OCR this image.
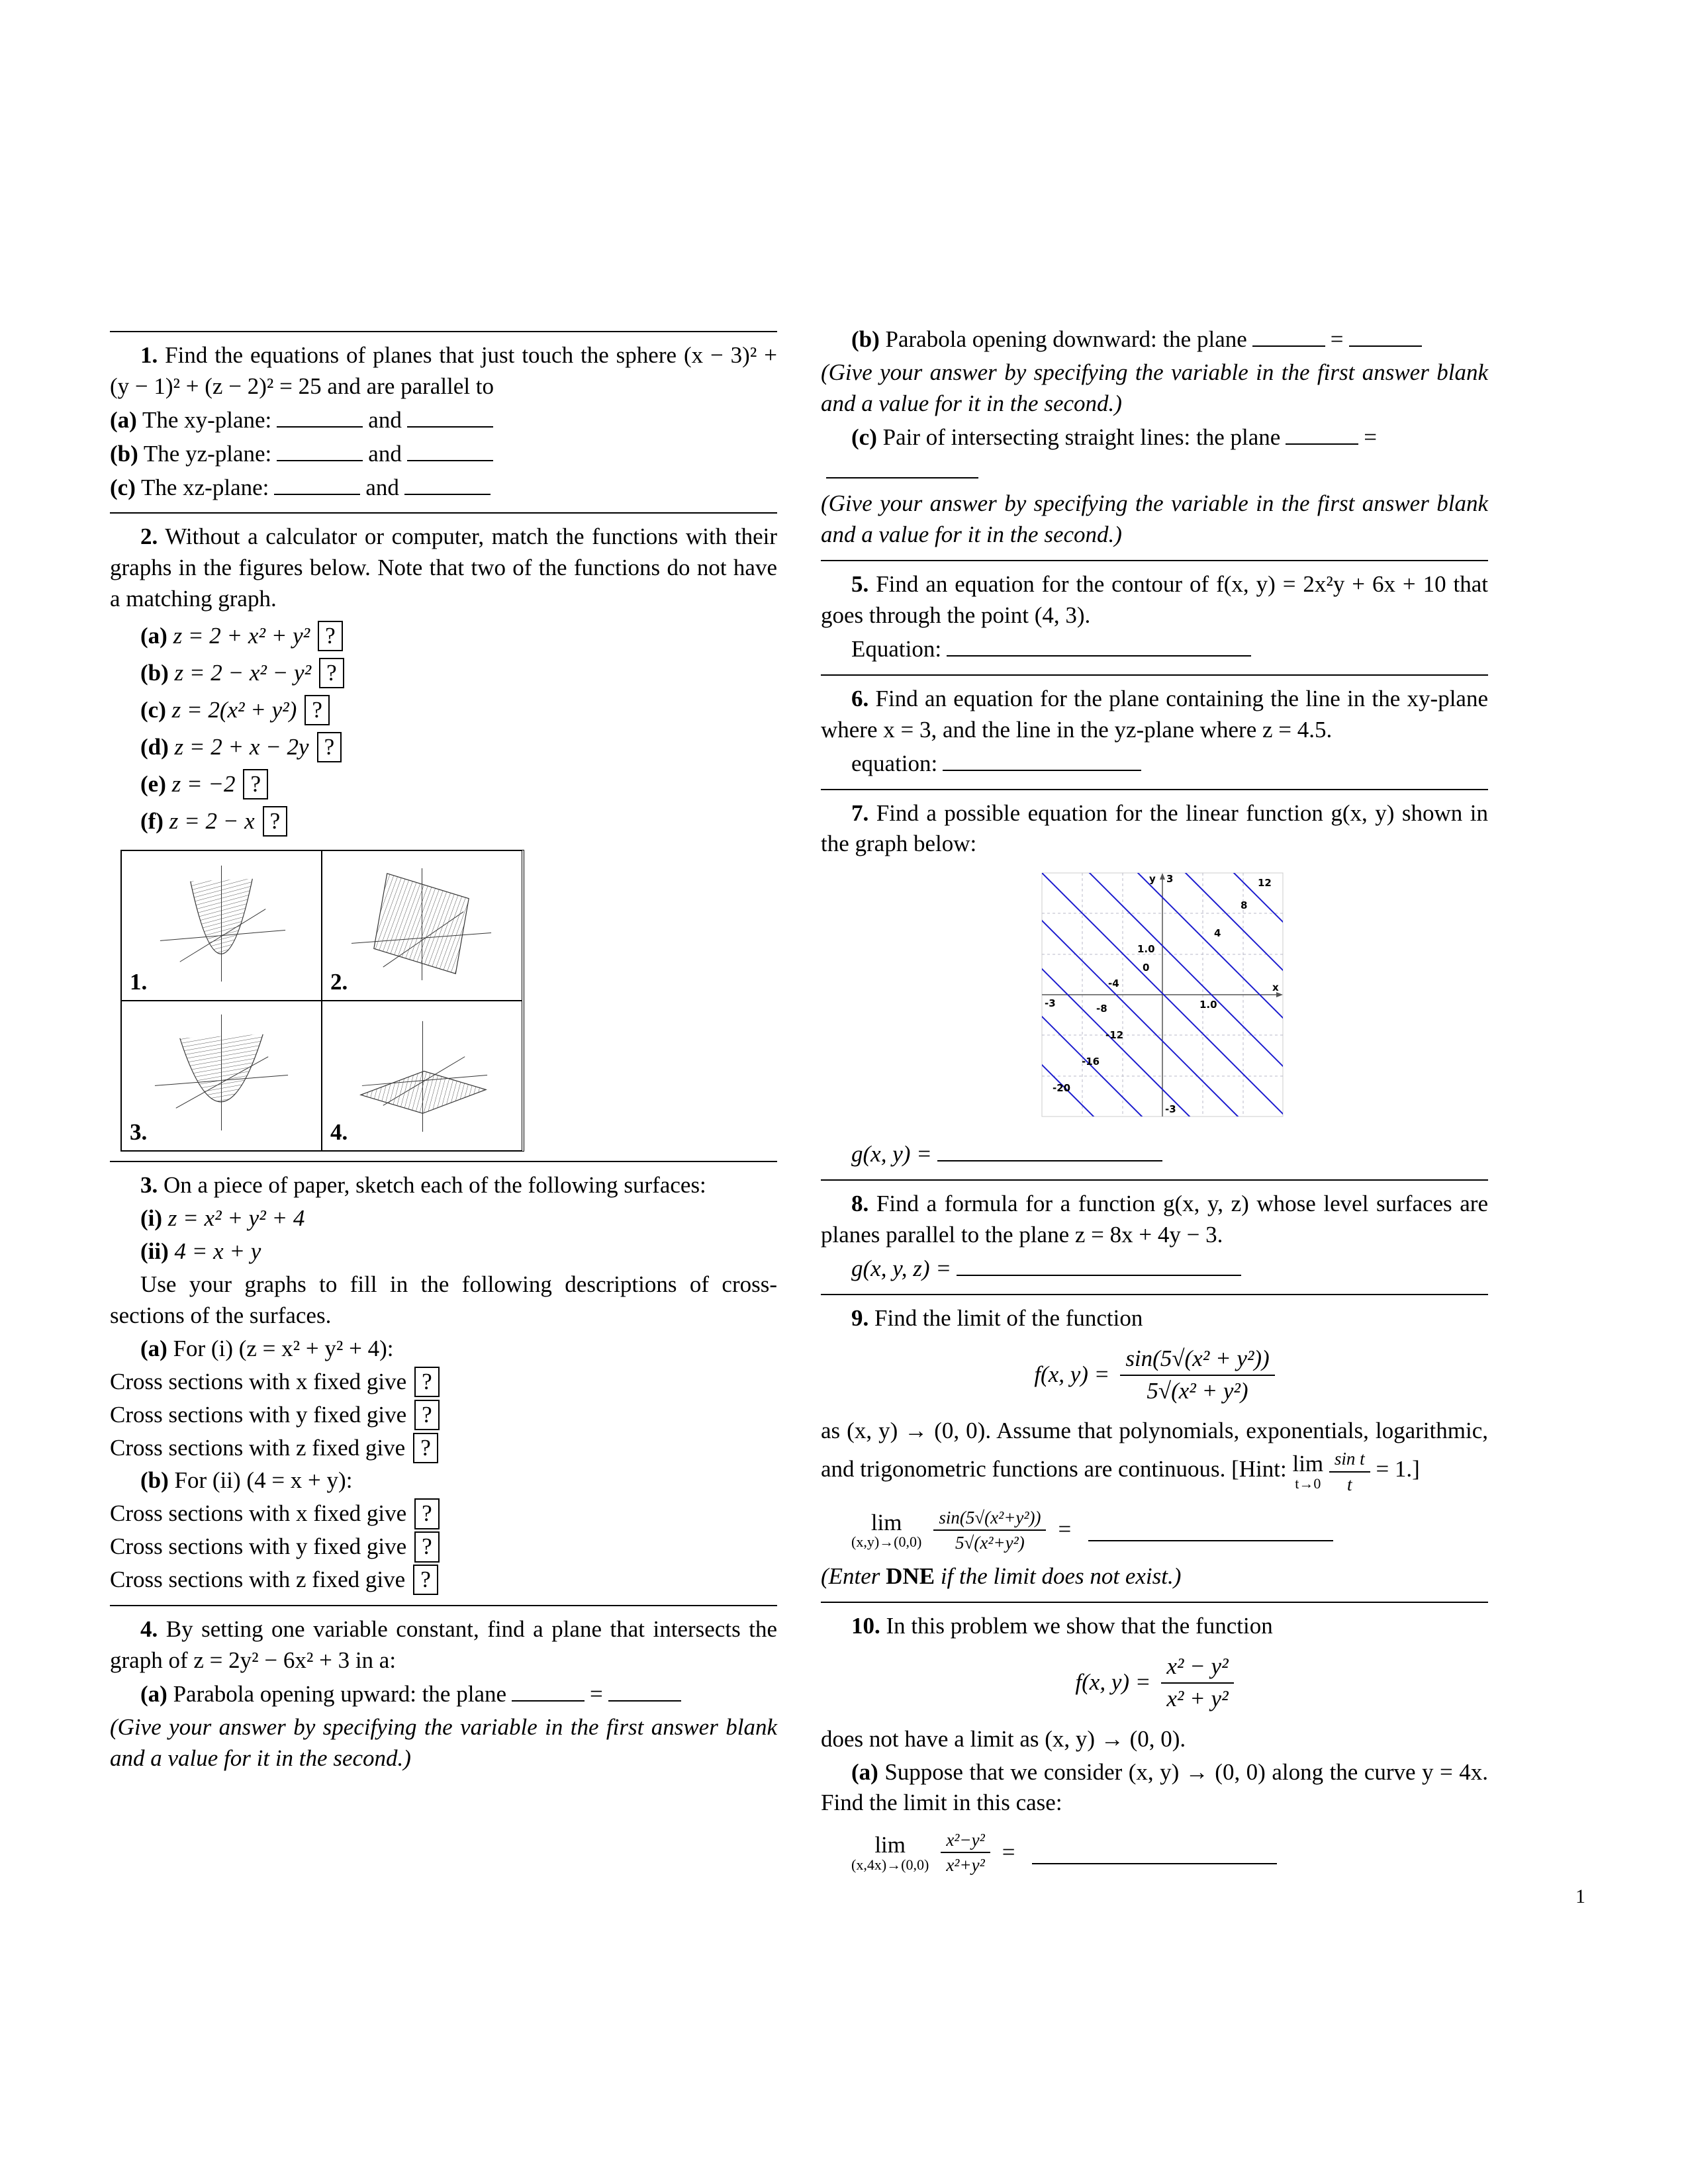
1. Find the equations of planes that just touch the sphere (x − 3)² + (y − 1)² + (z − 2)² = 25 and are parallel to

(a) The xy-plane:	and

(b) The yz-plane:	and

(c) The xz-plane:	and

2. Without a calculator or computer, match the functions with their graphs in the figures below. Note that two of the functions do not have a matching graph.

(a) z = 2 + x² + y² ?

(b) z = 2 − x² − y² ?

(c) z = 2(x² + y²) ?

(d) z = 2 + x − 2y ?

(e) z = −2 ?

(f) z = 2 − x ?

1.	2.
3.	4.

3. On a piece of paper, sketch each of the following surfaces:

(i) z = x² + y² + 4

(ii) 4 = x + y

Use your graphs to fill in the following descriptions of cross-sections of the surfaces.

(a) For (i) (z = x² + y² + 4):

Cross sections with x fixed give ?

Cross sections with y fixed give ?

Cross sections with z fixed give ?

(b) For (ii) (4 = x + y):

Cross sections with x fixed give ?

Cross sections with y fixed give ?

Cross sections with z fixed give ?

4. By setting one variable constant, find a plane that intersects the graph of z = 2y² − 6x² + 3 in a:

(a) Parabola opening upward: the plane	=

(Give your answer by specifying the variable in the first answer blank and a value for it in the second.)

(b) Parabola opening downward: the plane	=

(Give your answer by specifying the variable in the first answer blank and a value for it in the second.)

(c) Pair of intersecting straight lines: the plane	=

(Give your answer by specifying the variable in the first answer blank and a value for it in the second.)

5. Find an equation for the contour of f(x, y) = 2x²y + 6x + 10 that goes through the point (4, 3).

Equation:

6. Find an equation for the plane containing the line in the xy-plane where x = 3, and the line in the yz-plane where z = 4.5.

equation:

7. Find a possible equation for the linear function g(x, y) shown in the graph below:

y 3	12
8
4
1.0
0
-4
1.0
x
-3	-8
-12
-16
-20
-3

g(x, y) =

8. Find a formula for a function g(x, y, z) whose level surfaces are planes parallel to the plane z = 8x + 4y − 3.

g(x, y, z) =

9. Find the limit of the function

f(x, $y) = \frac{\text{sin(5√(x² + y²))}}{\text{5√(x² + y²)}}$

as (x, y) → (0, 0). Assume that polynomials, exponentials, logarithmic, and trigonometric functions are continuous. [Hint: lim
t→0
$\frac{\text{sin t}}{t} = 1$.]

lim
$(x,y)\to(0,0) \frac{\text{sin(5√(x²+y²))}}{\text{5√(x²+y²)}}$ =

(Enter DNE if the limit does not exist.)

10. In this problem we show that the function

f(x, $y) = \frac{\text{x² − y²}}{\text{x² + y²}}$

does not have a limit as (x, y) → (0, 0).

(a) Suppose that we consider (x, y) → (0, 0) along the curve y = 4x. Find the limit in this case:

lim
$(x,4x)\to(0,0) \frac{\text{x²−y²}}{\text{x²+y²}}$ =
1
